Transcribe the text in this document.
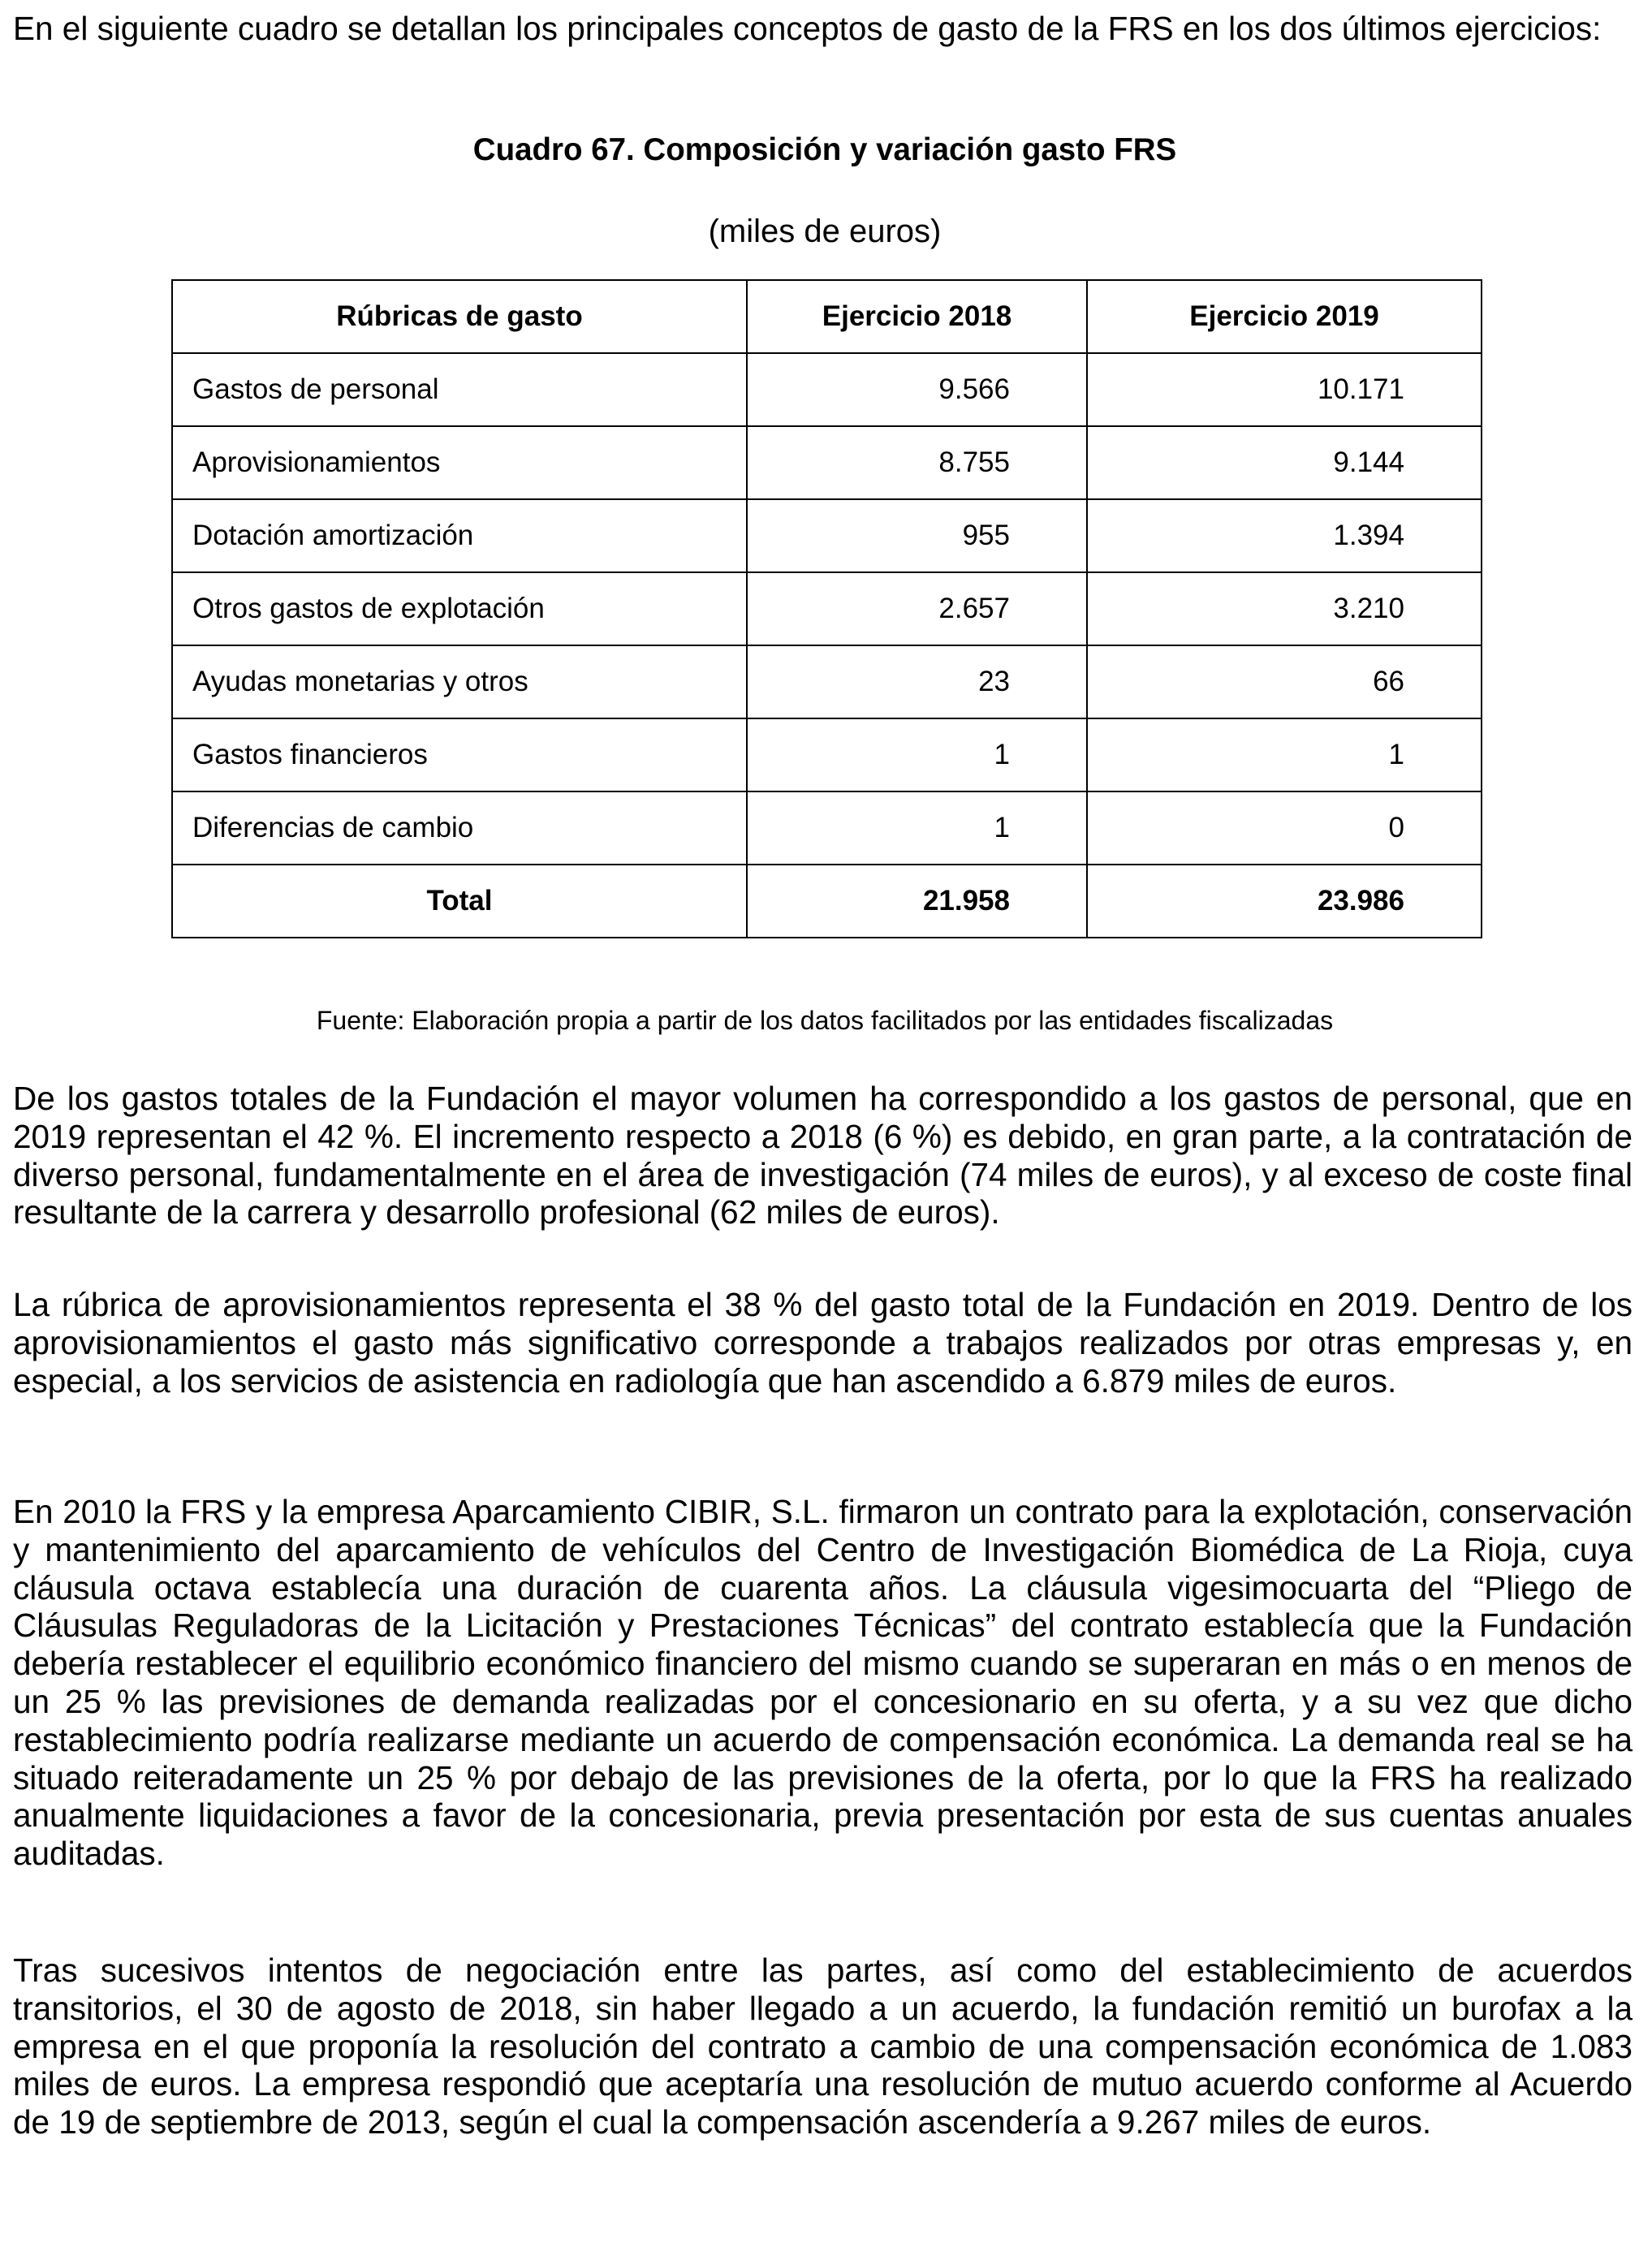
En el siguiente cuadro se detallan los principales conceptos de gasto de la FRS en los dos últimos ejercicios:

Cuadro 67. Composición y variación gasto FRS
(miles de euros)
Rúbricas de gasto	Ejercicio 2018	Ejercicio 2019
Gastos de personal	9.566	10.171
Aprovisionamientos	8.755	9.144
Dotación amortización	955	1.394
Otros gastos de explotación	2.657	3.210
Ayudas monetarias y otros	23	66
Gastos financieros	1	1
Diferencias de cambio	1	0
Total	21.958	23.986
Fuente: Elaboración propia a partir de los datos facilitados por las entidades fiscalizadas

De los gastos totales de la Fundación el mayor volumen ha correspondido a los gastos de personal, que en 2019 representan el 42 %. El incremento respecto a 2018 (6 %) es debido, en gran parte, a la contratación de diverso personal, fundamentalmente en el área de investigación (74 miles de euros), y al exceso de coste final resultante de la carrera y desarrollo profesional (62 miles de euros).

La rúbrica de aprovisionamientos representa el 38 % del gasto total de la Fundación en 2019. Dentro de los aprovisionamientos el gasto más significativo corresponde a trabajos realizados por otras empresas y, en especial, a los servicios de asistencia en radiología que han ascendido a 6.879 miles de euros.

En 2010 la FRS y la empresa Aparcamiento CIBIR, S.L. firmaron un contrato para la explotación, conservación y mantenimiento del aparcamiento de vehículos del Centro de Investigación Biomédica de La Rioja, cuya cláusula octava establecía una duración de cuarenta años. La cláusula vigesimocuarta del “Pliego de Cláusulas Reguladoras de la Licitación y Prestaciones Técnicas” del contrato establecía que la Fundación debería restablecer el equilibrio económico financiero del mismo cuando se superaran en más o en menos de un 25 % las previsiones de demanda realizadas por el concesionario en su oferta, y a su vez que dicho restablecimiento podría realizarse mediante un acuerdo de compensación económica. La demanda real se ha situado reiteradamente un 25 % por debajo de las previsiones de la oferta, por lo que la FRS ha realizado anualmente liquidaciones a favor de la concesionaria, previa presentación por esta de sus cuentas anuales auditadas.

Tras sucesivos intentos de negociación entre las partes, así como del establecimiento de acuerdos transitorios, el 30 de agosto de 2018, sin haber llegado a un acuerdo, la fundación remitió un burofax a la empresa en el que proponía la resolución del contrato a cambio de una compensación económica de 1.083 miles de euros. La empresa respondió que aceptaría una resolución de mutuo acuerdo conforme al Acuerdo de 19 de septiembre de 2013, según el cual la compensación ascendería a 9.267 miles de euros.
